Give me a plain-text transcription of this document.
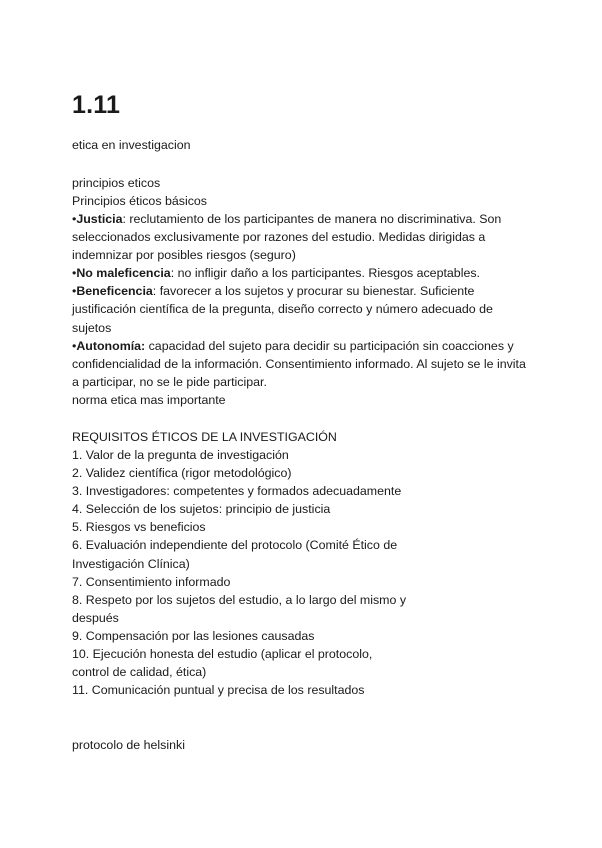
1.11
etica en investigacion
principios eticos
Principios éticos básicos

•Justicia: reclutamiento de los participantes de manera no discriminativa. Son seleccionados exclusivamente por razones del estudio. Medidas dirigidas a indemnizar por posibles riesgos (seguro)

•No maleficencia: no infligir daño a los participantes. Riesgos aceptables.

•Beneficencia: favorecer a los sujetos y procurar su bienestar. Suficiente justificación científica de la pregunta, diseño correcto y número adecuado de sujetos

•Autonomía: capacidad del sujeto para decidir su participación sin coacciones y confidencialidad de la información. Consentimiento informado. Al sujeto se le invita a participar, no se le pide participar.

norma etica mas importante

REQUISITOS ÉTICOS DE LA INVESTIGACIÓN
1. Valor de la pregunta de investigación
2. Validez científica (rigor metodológico)
3. Investigadores: competentes y formados adecuadamente
4. Selección de los sujetos: principio de justicia
5. Riesgos vs beneficios
6. Evaluación independiente del protocolo (Comité Ético de Investigación Clínica)
7. Consentimiento informado
8. Respeto por los sujetos del estudio, a lo largo del mismo y después
9. Compensación por las lesiones causadas
10. Ejecución honesta del estudio (aplicar el protocolo, control de calidad, ética)
11. Comunicación puntual y precisa de los resultados
protocolo de helsinki
